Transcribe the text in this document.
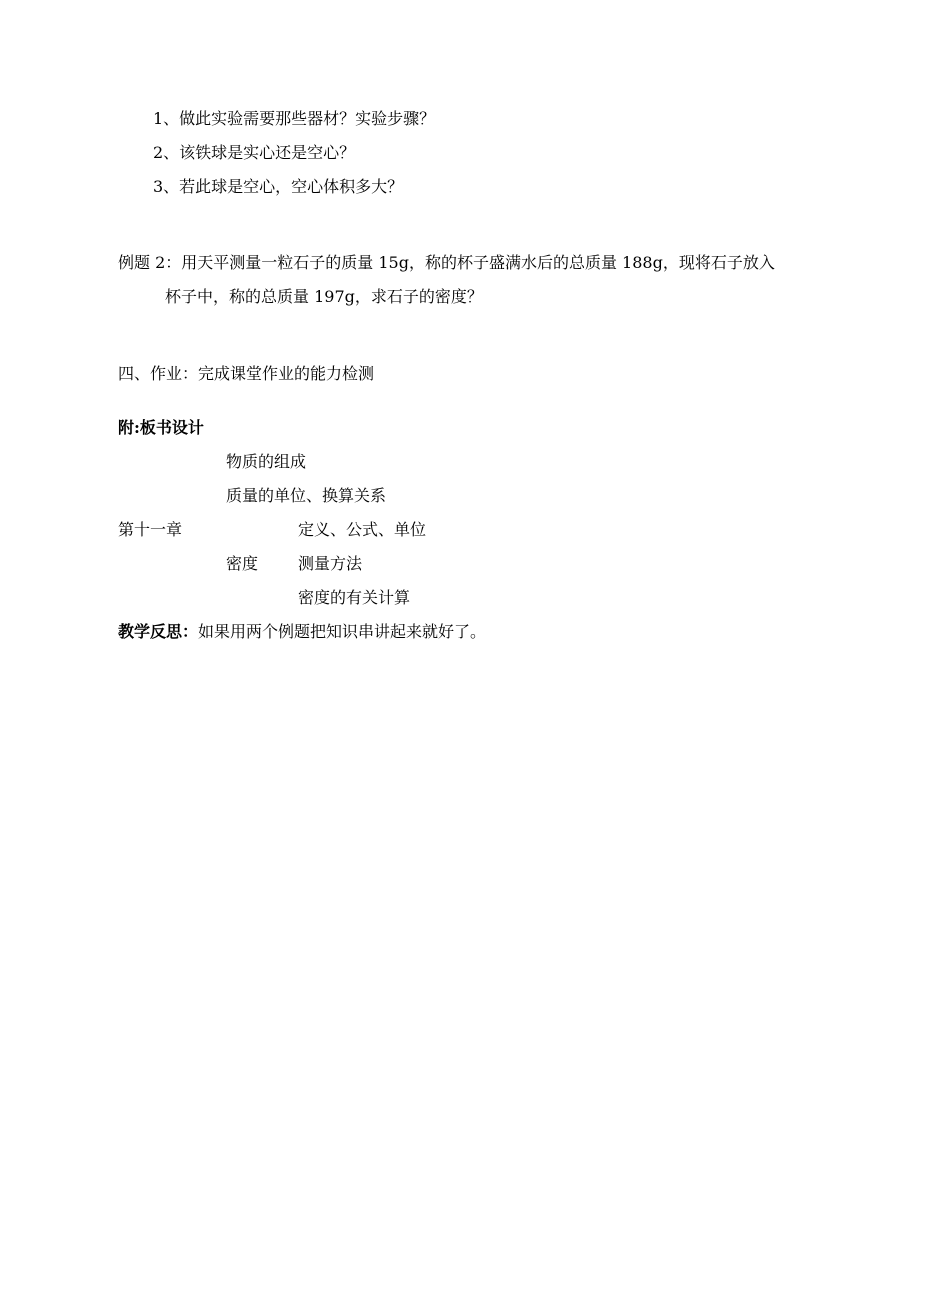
1、做此实验需要那些器材？实验步骤？
2、该铁球是实心还是空心？
3、若此球是空心，空心体积多大？
例题 2：用天平测量一粒石子的质量 15g，称的杯子盛满水后的总质量 188g，现将石子放入
杯子中，称的总质量 197g，求石子的密度？
四、作业：完成课堂作业的能力检测
附:板书设计
物质的组成
质量的单位、换算关系
第十一章	定义、公式、单位
密度 测量方法
密度的有关计算
教学反思：如果用两个例题把知识串讲起来就好了。
